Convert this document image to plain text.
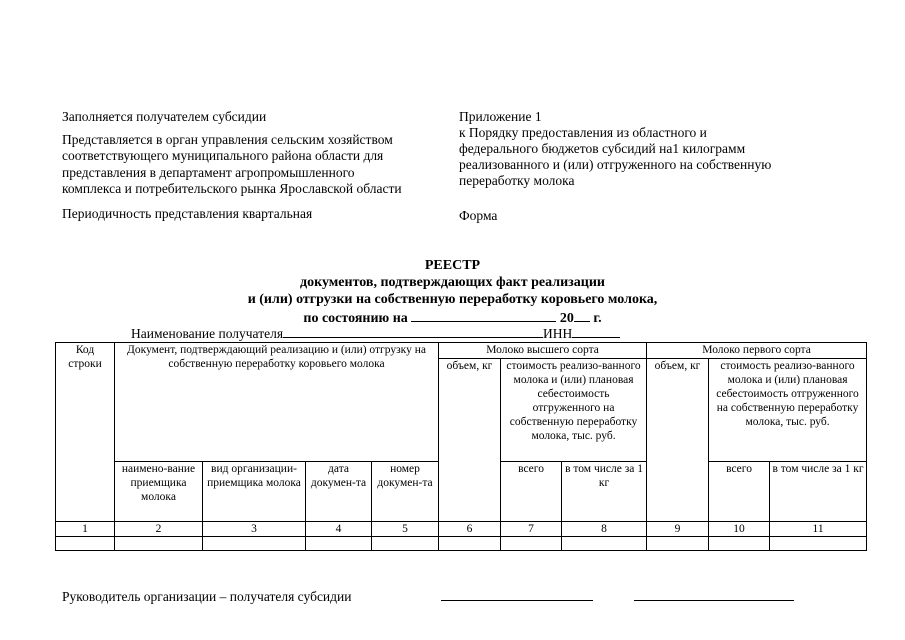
Заполняется получателем субсидии
Представляется в орган управления сельским хозяйством
соответствующего муниципального района области для
представления в департамент агропромышленного
комплекса и потребительского рынка Ярославской области
Периодичность представления квартальная
Приложение 1
к Порядку предоставления из областного и
федерального бюджетов субсидий на1 килограмм
реализованного и (или) отгруженного на собственную
переработку молока
Форма
РЕЕСТР
документов, подтверждающих факт реализации
и (или) отгрузки на собственную переработку коровьего молока,
по состоянию на	20 г.
Наименование получателя	ИНН
Код строки	Документ, подтверждающий реализацию и (или) отгрузку на собственную переработку коровьего молока				Молоко высшего сорта			Молоко первого сорта		
					объем, кг	стоимость реализо-ванного молока и (или) плановая себестоимость отгруженного на собственную переработку молока, тыс. руб.		объем, кг	стоимость реализо-ванного молока и (или) плановая себестоимость отгруженного на собственную переработку молока, тыс. руб.	
	наимено-вание приемщика молока	вид организации-приемщика молока	дата докумен-та	номер докумен-та		всего	в том числе за 1 кг		всего	в том числе за 1 кг
1	2	3	4	5	6	7	8	9	10	11

Руководитель организации – получателя субсидии
